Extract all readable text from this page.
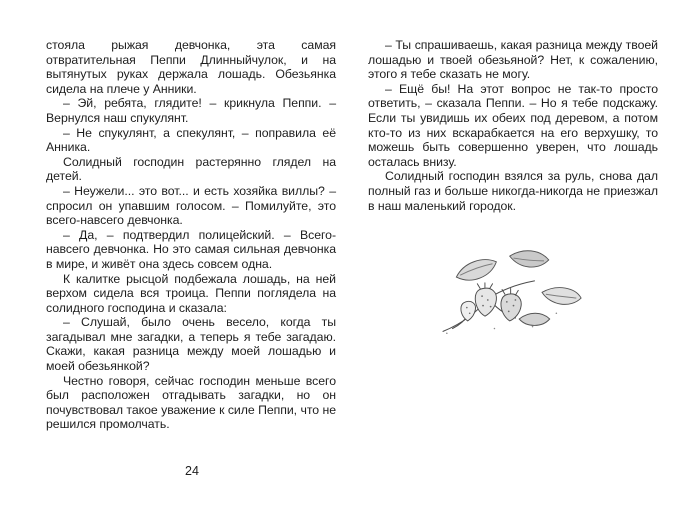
стояла рыжая девчонка, эта самая отвратительная Пеппи Длинныйчулок, и на вытянутых руках держала лошадь. Обезьянка сидела на плече у Анники.

– Эй, ребята, глядите! – крикнула Пеппи. – Вернулся наш спукулянт.

– Не спукулянт, а спекулянт, – поправила её Анника.

Солидный господин растерянно глядел на детей.

– Неужели... это вот... и есть хозяйка виллы? – спросил он упавшим голосом. – Помилуйте, это всего-навсего девчонка.

– Да, – подтвердил полицейский. – Всего-навсего девчонка. Но это самая сильная девчонка в мире, и живёт она здесь совсем одна.

К калитке рысцой подбежала лошадь, на ней верхом сидела вся троица. Пеппи поглядела на солидного господина и сказала:

– Слушай, было очень весело, когда ты загадывал мне загадки, а теперь я тебе загадаю. Скажи, какая разница между моей лошадью и моей обезьянкой?

Честно говоря, сейчас господин меньше всего был расположен отгадывать загадки, но он почувствовал такое уважение к силе Пеппи, что не решился промолчать.

– Ты спрашиваешь, какая разница между твоей лошадью и твоей обезьяной? Нет, к сожалению, этого я тебе сказать не могу.

– Ещё бы! На этот вопрос не так-то просто ответить, – сказала Пеппи. – Но я тебе подскажу. Если ты увидишь их обеих под деревом, а потом кто-то из них вскарабкается на его верхушку, то можешь быть совершенно уверен, что лошадь осталась внизу.

Солидный господин взялся за руль, снова дал полный газ и больше никогда-никогда не приезжал в наш маленький городок.

24
